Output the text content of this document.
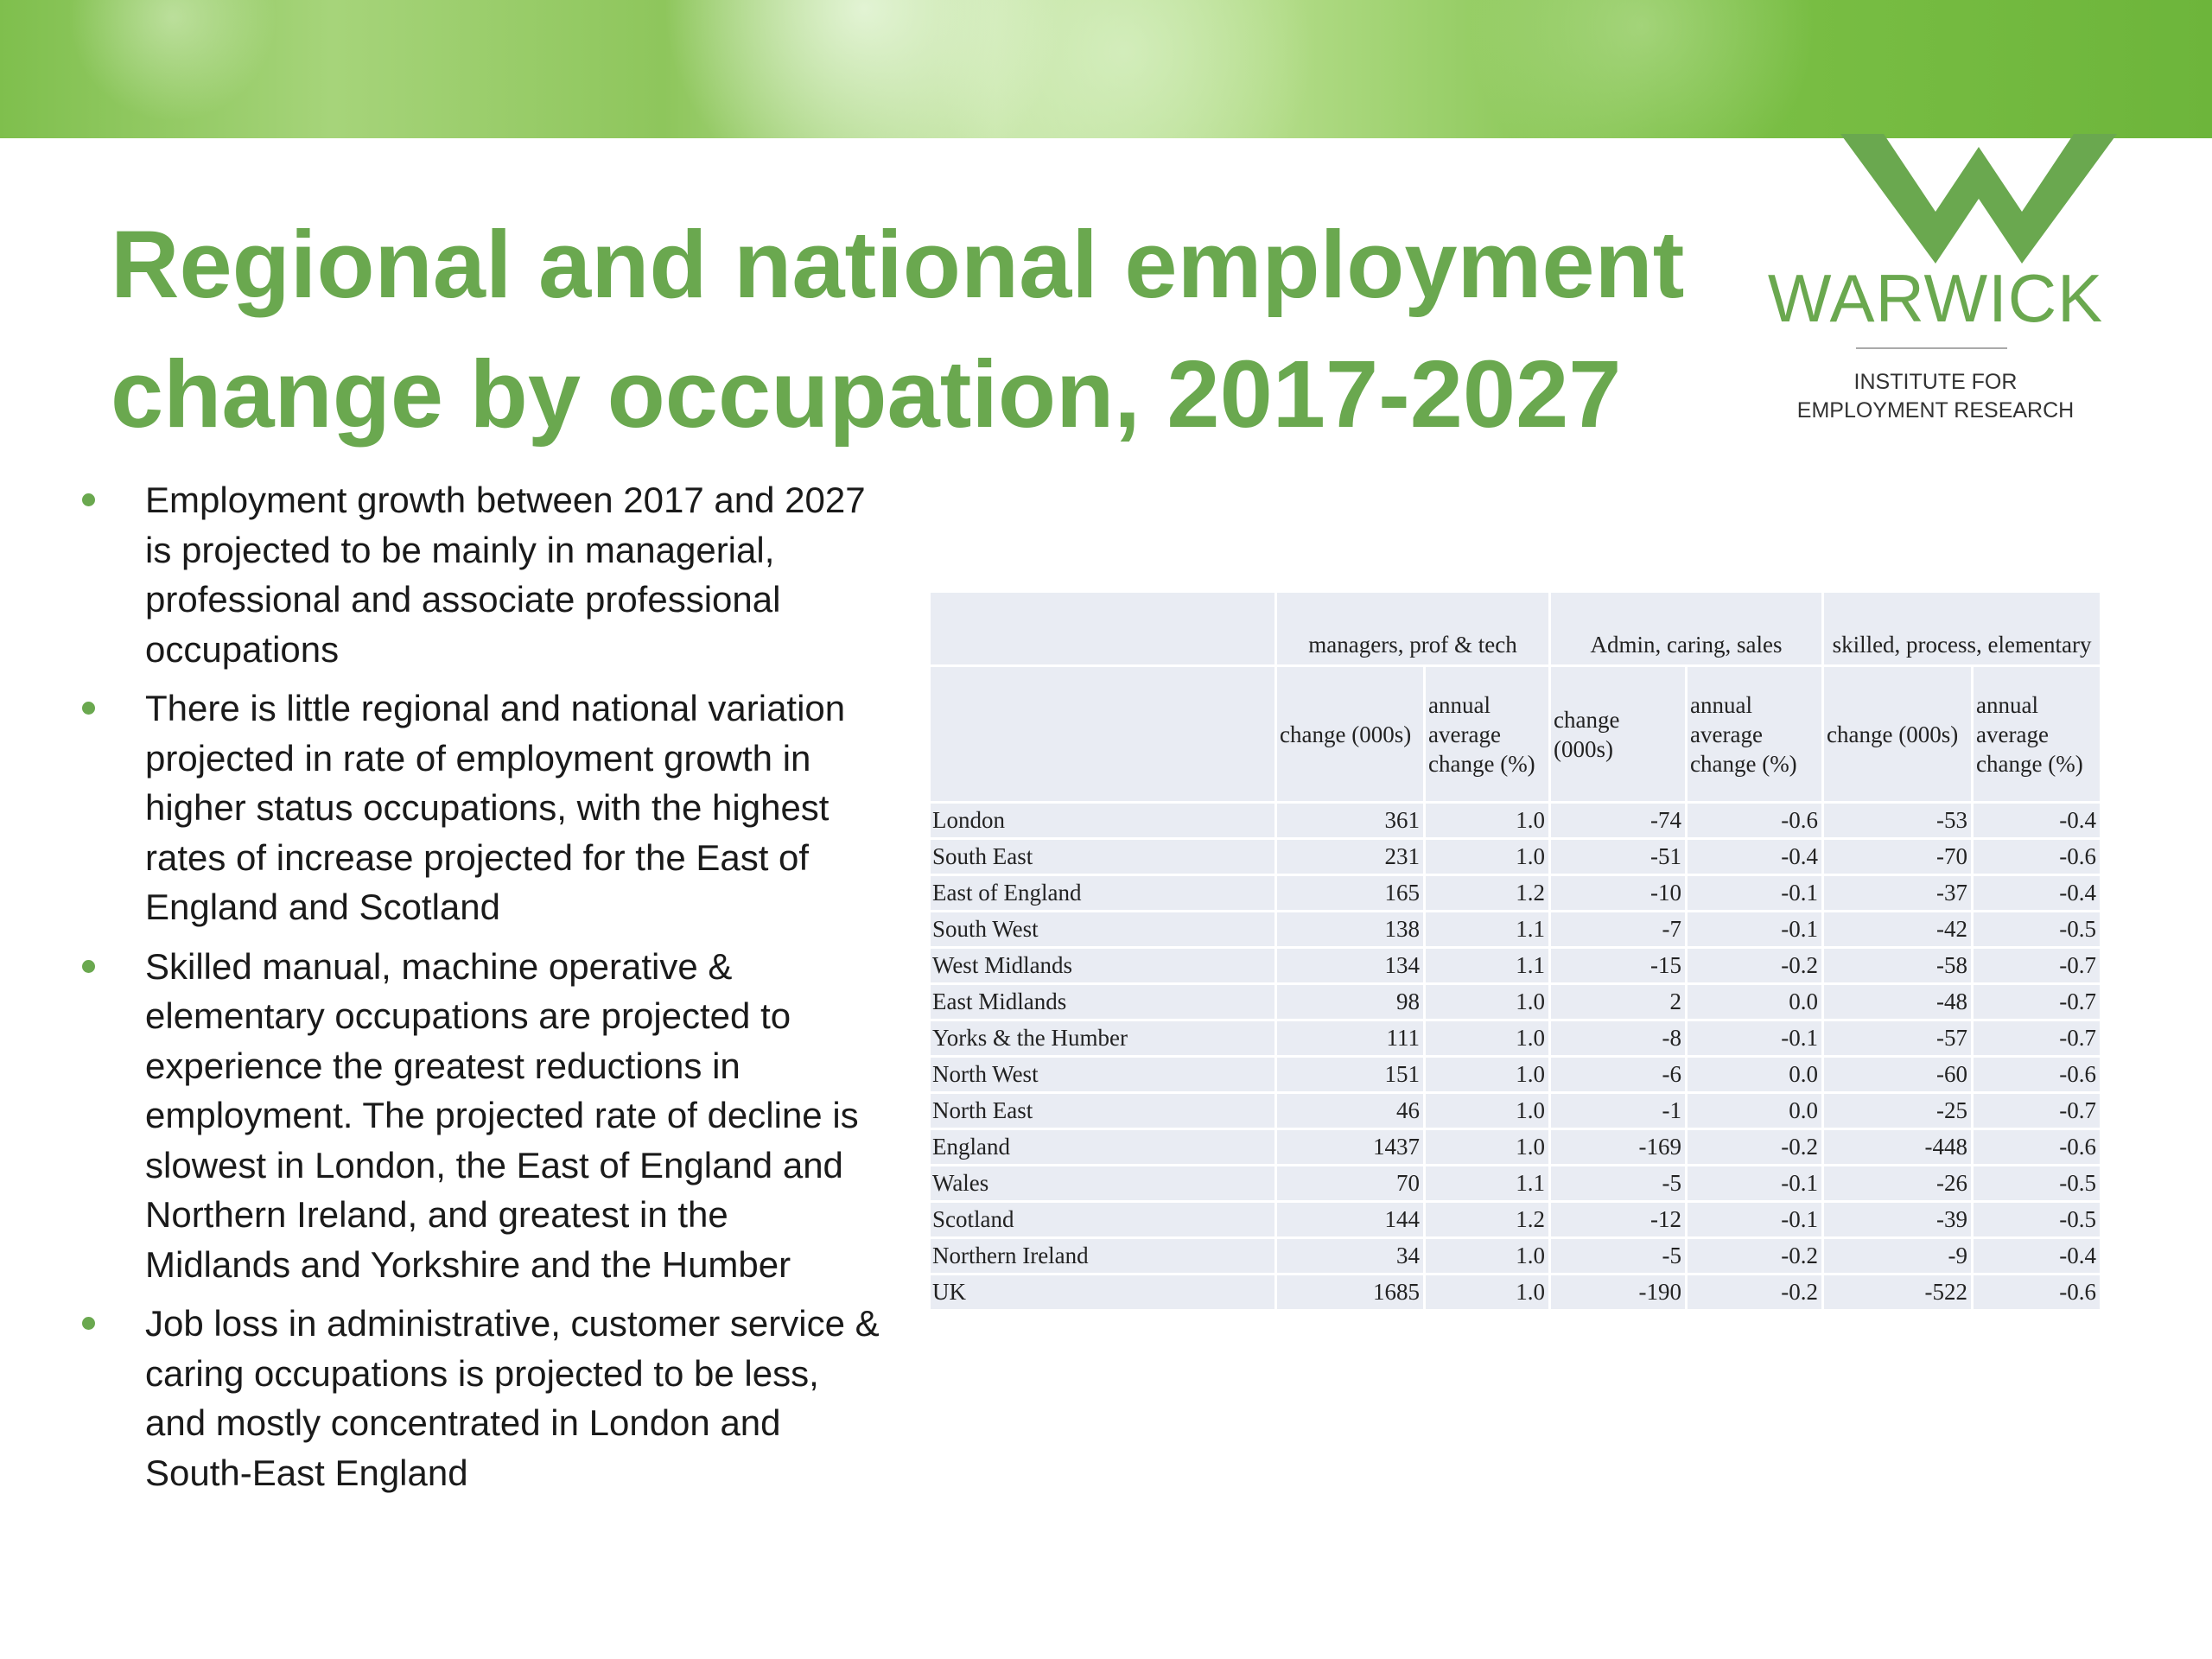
WARWICK
INSTITUTE FOR
EMPLOYMENT RESEARCH
Regional and national employment
change by occupation, 2017-2027
Employment growth between 2017 and 2027 is projected to be mainly in managerial, professional and associate professional occupations
There is little regional and national variation projected in rate of employment growth in higher status occupations, with the highest rates of increase projected for the East of England and Scotland
Skilled manual, machine operative & elementary occupations are projected to experience the greatest reductions in employment. The projected rate of decline is slowest in London, the East of England and Northern Ireland, and greatest in the Midlands and Yorkshire and the Humber
Job loss in administrative, customer service & caring occupations is projected to be less, and mostly concentrated in London and South-East England
	managers, prof & tech		Admin, caring, sales		skilled, process, elementary	
	change (000s)	annual average change (%)	change (000s)	annual average change (%)	change (000s)	annual average change (%)
London	361	1.0	-74	-0.6	-53	-0.4
South East	231	1.0	-51	-0.4	-70	-0.6
East of England	165	1.2	-10	-0.1	-37	-0.4
South West	138	1.1	-7	-0.1	-42	-0.5
West Midlands	134	1.1	-15	-0.2	-58	-0.7
East Midlands	98	1.0	2	0.0	-48	-0.7
Yorks & the Humber	111	1.0	-8	-0.1	-57	-0.7
North West	151	1.0	-6	0.0	-60	-0.6
North East	46	1.0	-1	0.0	-25	-0.7
England	1437	1.0	-169	-0.2	-448	-0.6
Wales	70	1.1	-5	-0.1	-26	-0.5
Scotland	144	1.2	-12	-0.1	-39	-0.5
Northern Ireland	34	1.0	-5	-0.2	-9	-0.4
UK	1685	1.0	-190	-0.2	-522	-0.6
